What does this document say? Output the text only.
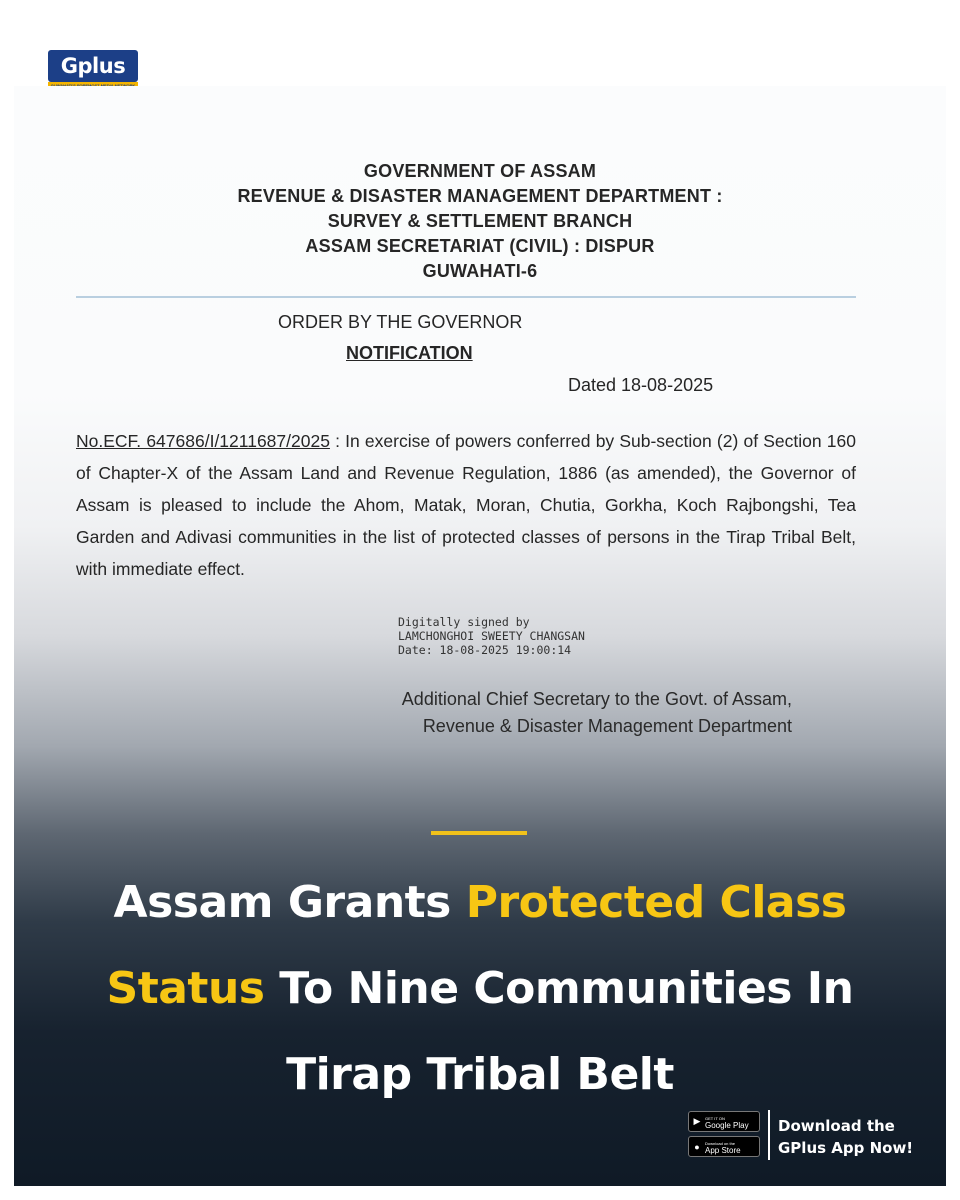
Gplus
GOVERNMENT OF ASSAM
REVENUE & DISASTER MANAGEMENT DEPARTMENT :
SURVEY & SETTLEMENT BRANCH
ASSAM SECRETARIAT (CIVIL) : DISPUR
GUWAHATI-6
ORDER BY THE GOVERNOR
NOTIFICATION
Dated 18-08-2025
No.ECF. 647686/I/1211687/2025 : In exercise of powers conferred by Sub-section (2) of Section 160 of Chapter-X of the Assam Land and Revenue Regulation, 1886 (as amended), the Governor of Assam is pleased to include the Ahom, Matak, Moran, Chutia, Gorkha, Koch Rajbongshi, Tea Garden and Adivasi communities in the list of protected classes of persons in the Tirap Tribal Belt, with immediate effect.
Digitally signed by
LAMCHONGHOI SWEETY CHANGSAN
Date: 18-08-2025 19:00:14
Additional Chief Secretary to the Govt. of Assam,
Revenue & Disaster Management Department
Assam Grants Protected Class
Status To Nine Communities In
Tirap Tribal Belt
▶	GET IT ON
Google Play
●	Download on the
App Store
Download the
GPlus App Now!
